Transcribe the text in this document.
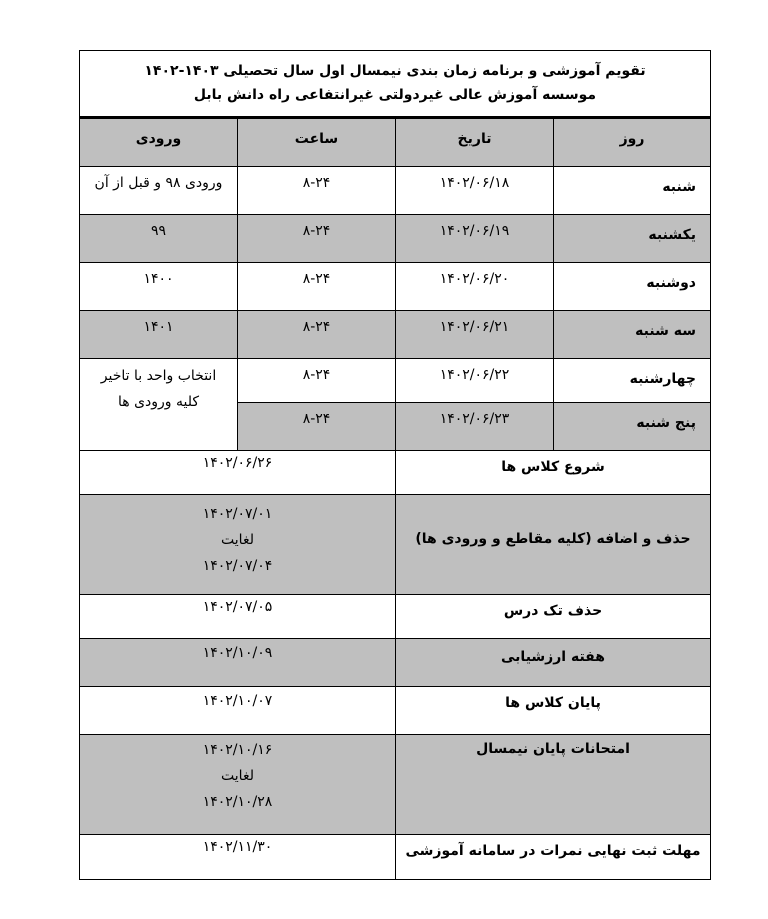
تقویم آموزشی و برنامه زمان بندی نیمسال اول سال تحصیلی ۱۴۰۳-۱۴۰۲
موسسه آموزش عالی غیردولتی غیرانتفاعی راه دانش بابل
روز
تاریخ
ساعت
ورودی
شنبه
۱۴۰۲/۰۶/۱۸
۸-۲۴
ورودی ۹۸ و قبل از آن
یکشنبه
۱۴۰۲/۰۶/۱۹
۸-۲۴
۹۹
دوشنبه
۱۴۰۲/۰۶/۲۰
۸-۲۴
۱۴۰۰
سه شنبه
۱۴۰۲/۰۶/۲۱
۸-۲۴
۱۴۰۱
چهارشنبه
۱۴۰۲/۰۶/۲۲
۸-۲۴
پنج شنبه
۱۴۰۲/۰۶/۲۳
۸-۲۴
انتخاب واحد با تاخیر
کلیه ورودی ها
شروع کلاس ها
۱۴۰۲/۰۶/۲۶
حذف و اضافه (کلیه مقاطع و ورودی ها)
۱۴۰۲/۰۷/۰۱
لغایت
۱۴۰۲/۰۷/۰۴
حذف تک درس
۱۴۰۲/۰۷/۰۵
هفته ارزشیابی
۱۴۰۲/۱۰/۰۹
پایان کلاس ها
۱۴۰۲/۱۰/۰۷
امتحانات پایان نیمسال
۱۴۰۲/۱۰/۱۶
لغایت
۱۴۰۲/۱۰/۲۸
مهلت ثبت نهایی نمرات در سامانه آموزشی
۱۴۰۲/۱۱/۳۰
